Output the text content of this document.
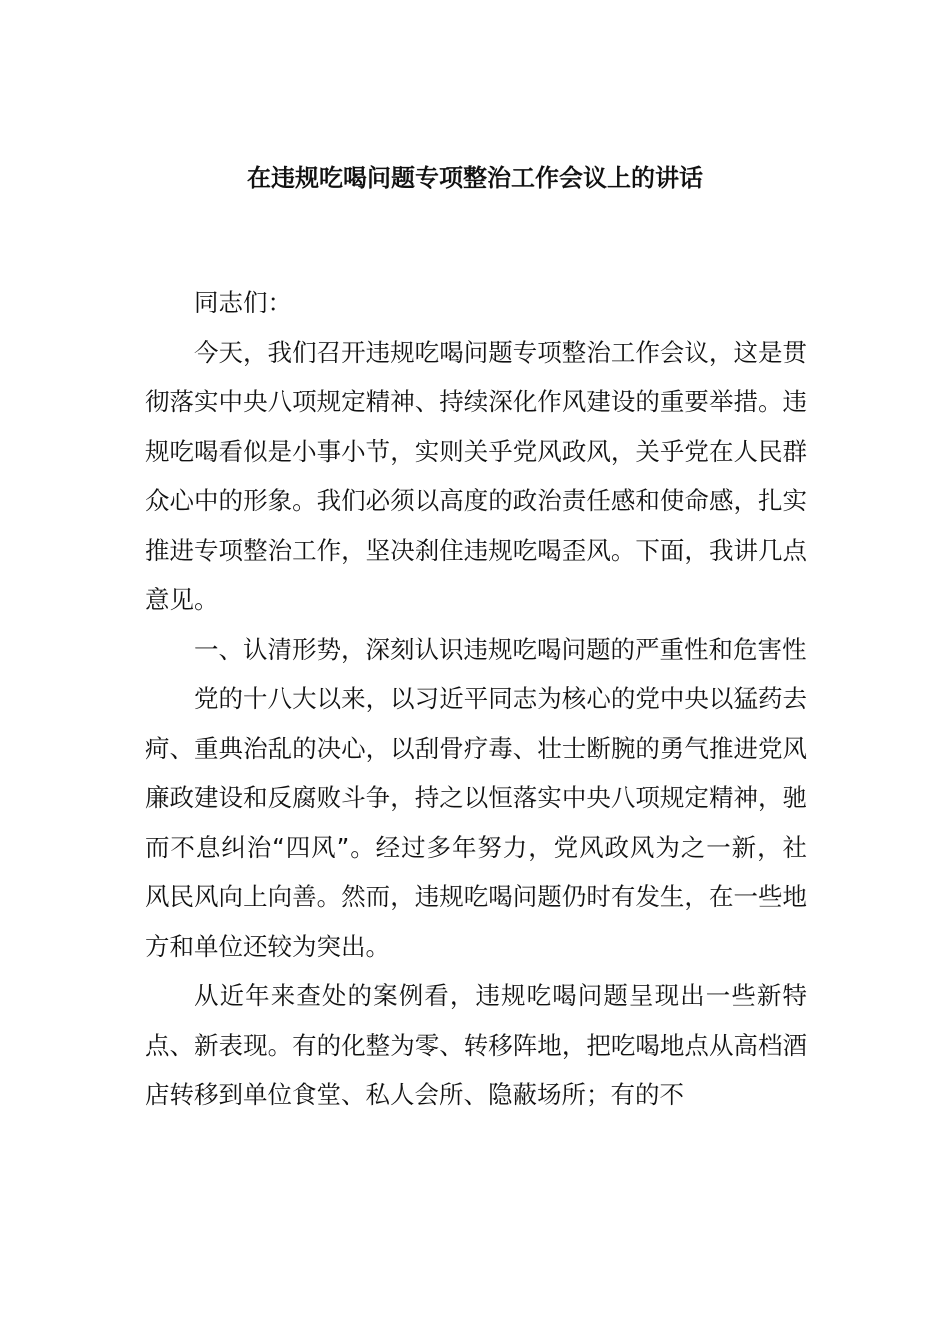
在违规吃喝问题专项整治工作会议上的讲话

同志们：

今天，我们召开违规吃喝问题专项整治工作会议，这是贯彻落实中央八项规定精神、持续深化作风建设的重要举措。违规吃喝看似是小事小节，实则关乎党风政风，关乎党在人民群众心中的形象。我们必须以高度的政治责任感和使命感，扎实推进专项整治工作，坚决刹住违规吃喝歪风。下面，我讲几点意见。

一、认清形势，深刻认识违规吃喝问题的严重性和危害性

党的十八大以来，以习近平同志为核心的党中央以猛药去疴、重典治乱的决心，以刮骨疗毒、壮士断腕的勇气推进党风廉政建设和反腐败斗争，持之以恒落实中央八项规定精神，驰而不息纠治“四风”。经过多年努力，党风政风为之一新，社风民风向上向善。然而，违规吃喝问题仍时有发生，在一些地方和单位还较为突出。

从近年来查处的案例看，违规吃喝问题呈现出一些新特点、新表现。有的化整为零、转移阵地，把吃喝地点从高档酒店转移到单位食堂、私人会所、隐蔽场所；有的不
